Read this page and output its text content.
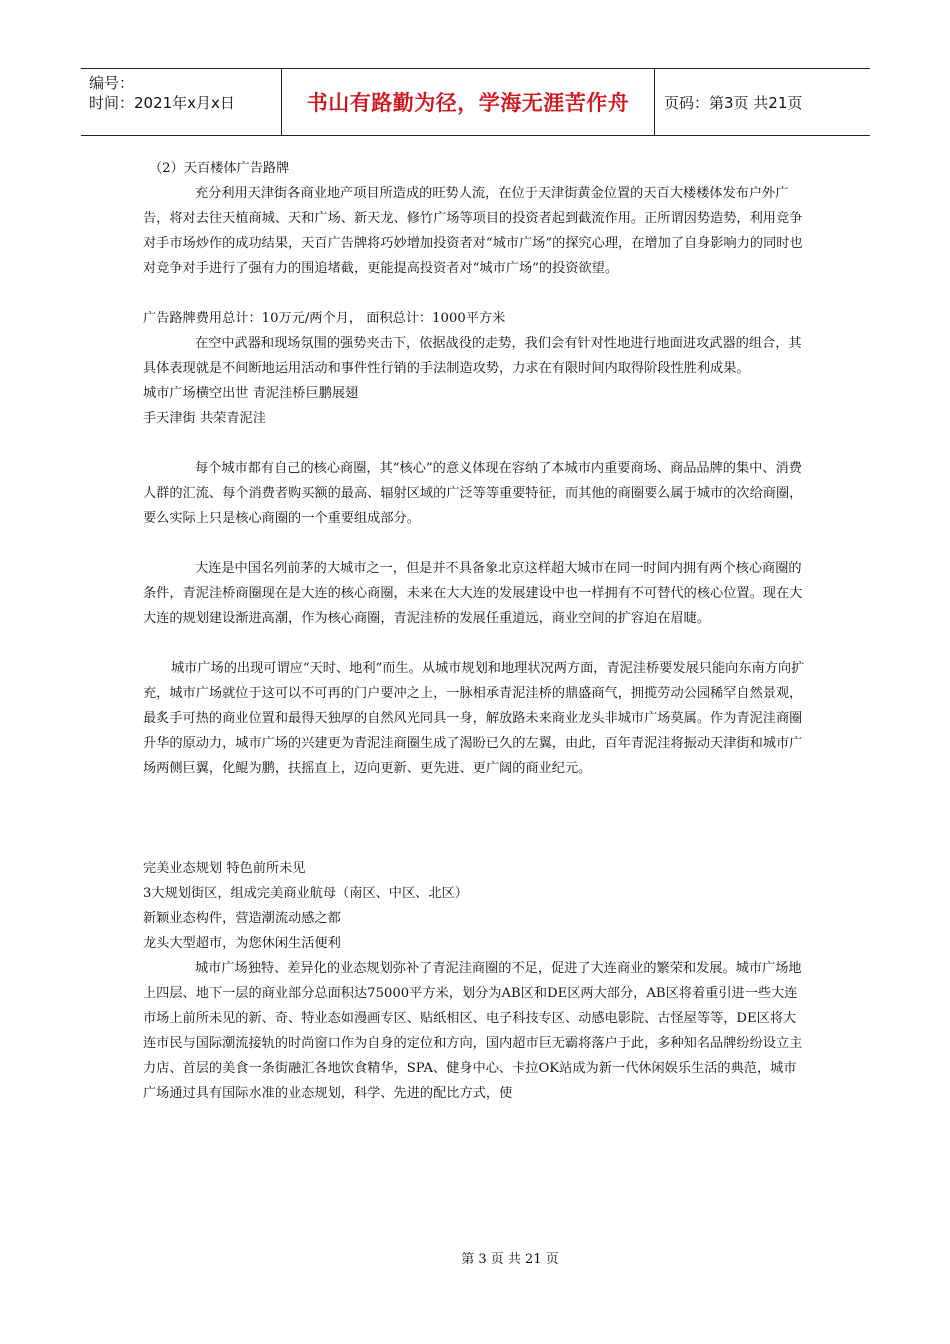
编号：
时间：2021年x月x日	书山有路勤为径，学海无涯苦作舟 页码：第3页 共21页

（2）天百楼体广告路牌

充分利用天津街各商业地产项目所造成的旺势人流，在位于天津街黄金位置的天百大楼楼体发布户外广告，将对去往天植商城、天和广场、新天龙、修竹广场等项目的投资者起到截流作用。正所谓因势造势，利用竞争对手市场炒作的成功结果，天百广告牌将巧妙增加投资者对“城市广场”的探究心理，在增加了自身影响力的同时也对竞争对手进行了强有力的围追堵截，更能提高投资者对“城市广场”的投资欲望。

广告路牌费用总计：10万元/两个月， 面积总计：1000平方米

在空中武器和现场氛围的强势夹击下，依据战役的走势，我们会有针对性地进行地面进攻武器的组合，其具体表现就是不间断地运用活动和事件性行销的手法制造攻势，力求在有限时间内取得阶段性胜利成果。

城市广场横空出世 青泥洼桥巨鹏展翅

手天津街 共荣青泥洼

每个城市都有自己的核心商圈，其“核心”的意义体现在容纳了本城市内重要商场、商品品牌的集中、消费人群的汇流、每个消费者购买额的最高、辐射区域的广泛等等重要特征，而其他的商圈要么属于城市的次给商圈，要么实际上只是核心商圈的一个重要组成部分。

大连是中国名列前茅的大城市之一，但是并不具备象北京这样超大城市在同一时间内拥有两个核心商圈的条件，青泥洼桥商圈现在是大连的核心商圈，未来在大大连的发展建设中也一样拥有不可替代的核心位置。现在大大连的规划建设渐进高潮，作为核心商圈，青泥洼桥的发展任重道远，商业空间的扩容迫在眉睫。

城市广场的出现可谓应“天时、地利”而生。从城市规划和地理状况两方面，青泥洼桥要发展只能向东南方向扩充，城市广场就位于这可以不可再的门户要冲之上，一脉相承青泥洼桥的鼎盛商气，拥揽劳动公园稀罕自然景观，最炙手可热的商业位置和最得天独厚的自然风光同具一身，解放路未来商业龙头非城市广场莫属。作为青泥洼商圈升华的原动力，城市广场的兴建更为青泥洼商圈生成了渴盼已久的左翼，由此，百年青泥洼将振动天津街和城市广场两侧巨翼，化鲲为鹏，扶摇直上，迈向更新、更先进、更广阔的商业纪元。

完美业态规划 特色前所未见

3大规划街区，组成完美商业航母（南区、中区、北区）

新颖业态构件，营造潮流动感之都

龙头大型超市，为您休闲生活便利

城市广场独特、差异化的业态规划弥补了青泥洼商圈的不足，促进了大连商业的繁荣和发展。城市广场地上四层、地下一层的商业部分总面积达75000平方米，划分为AB区和DE区两大部分，AB区将着重引进一些大连市场上前所未见的新、奇、特业态如漫画专区、贴纸相区、电子科技专区、动感电影院、古怪屋等等，DE区将大连市民与国际潮流接轨的时尚窗口作为自身的定位和方向，国内超市巨无霸将落户于此，多种知名品牌纷纷设立主力店、首层的美食一条街融汇各地饮食精华，SPA、健身中心、卡拉OK站成为新一代休闲娱乐生活的典范，城市广场通过具有国际水准的业态规划，科学、先进的配比方式，使

第 3 页 共 21 页
